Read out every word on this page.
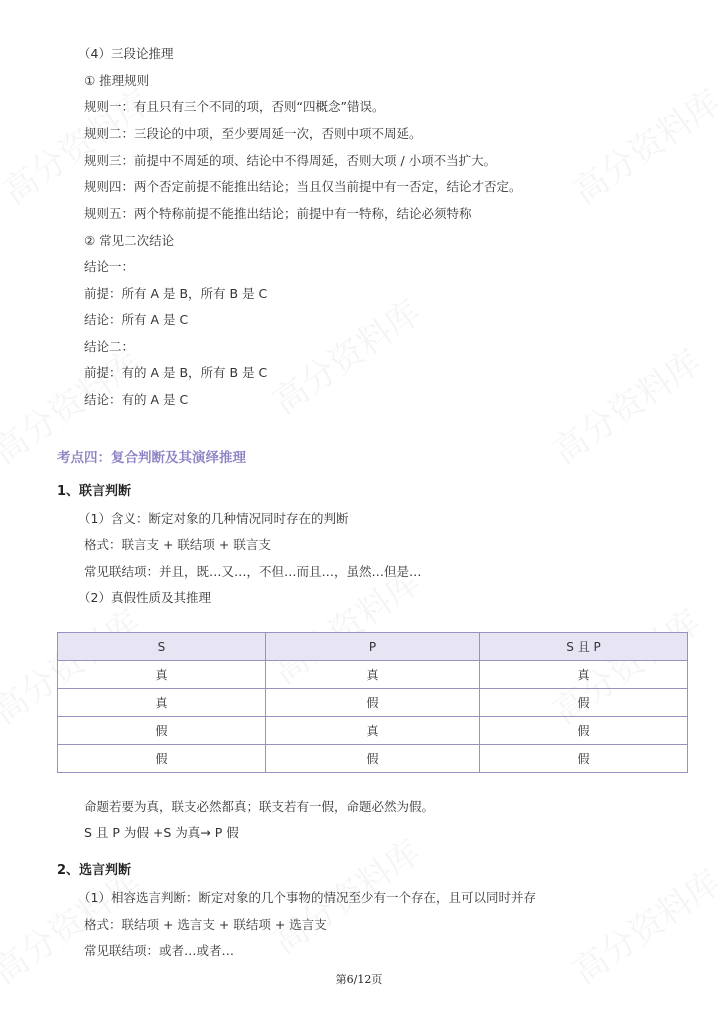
（4）三段论推理
① 推理规则
规则一：有且只有三个不同的项，否则“四概念”错误。
规则二：三段论的中项，至少要周延一次，否则中项不周延。
规则三：前提中不周延的项、结论中不得周延，否则大项 / 小项不当扩大。
规则四：两个否定前提不能推出结论；当且仅当前提中有一否定，结论才否定。
规则五：两个特称前提不能推出结论；前提中有一特称，结论必须特称
② 常见二次结论
结论一：
前提：所有 A 是 B，所有 B 是 C
结论：所有 A 是 C
结论二：
前提：有的 A 是 B，所有 B 是 C
结论：有的 A 是 C
考点四：复合判断及其演绎推理
1、联言判断
（1）含义：断定对象的几种情况同时存在的判断
格式：联言支 + 联结项 + 联言支
常见联结项：并且，既…又…，不但…而且…，虽然…但是…
（2）真假性质及其推理
S	P	S 且 P
真	真	真
真	假	假
假	真	假
假	假	假
命题若要为真，联支必然都真；联支若有一假，命题必然为假。
S 且 P 为假 +S 为真→ P 假
2、选言判断
（1）相容选言判断：断定对象的几个事物的情况至少有一个存在，且可以同时并存
格式：联结项 + 选言支 + 联结项 + 选言支
常见联结项：或者…或者…
第6/12页
